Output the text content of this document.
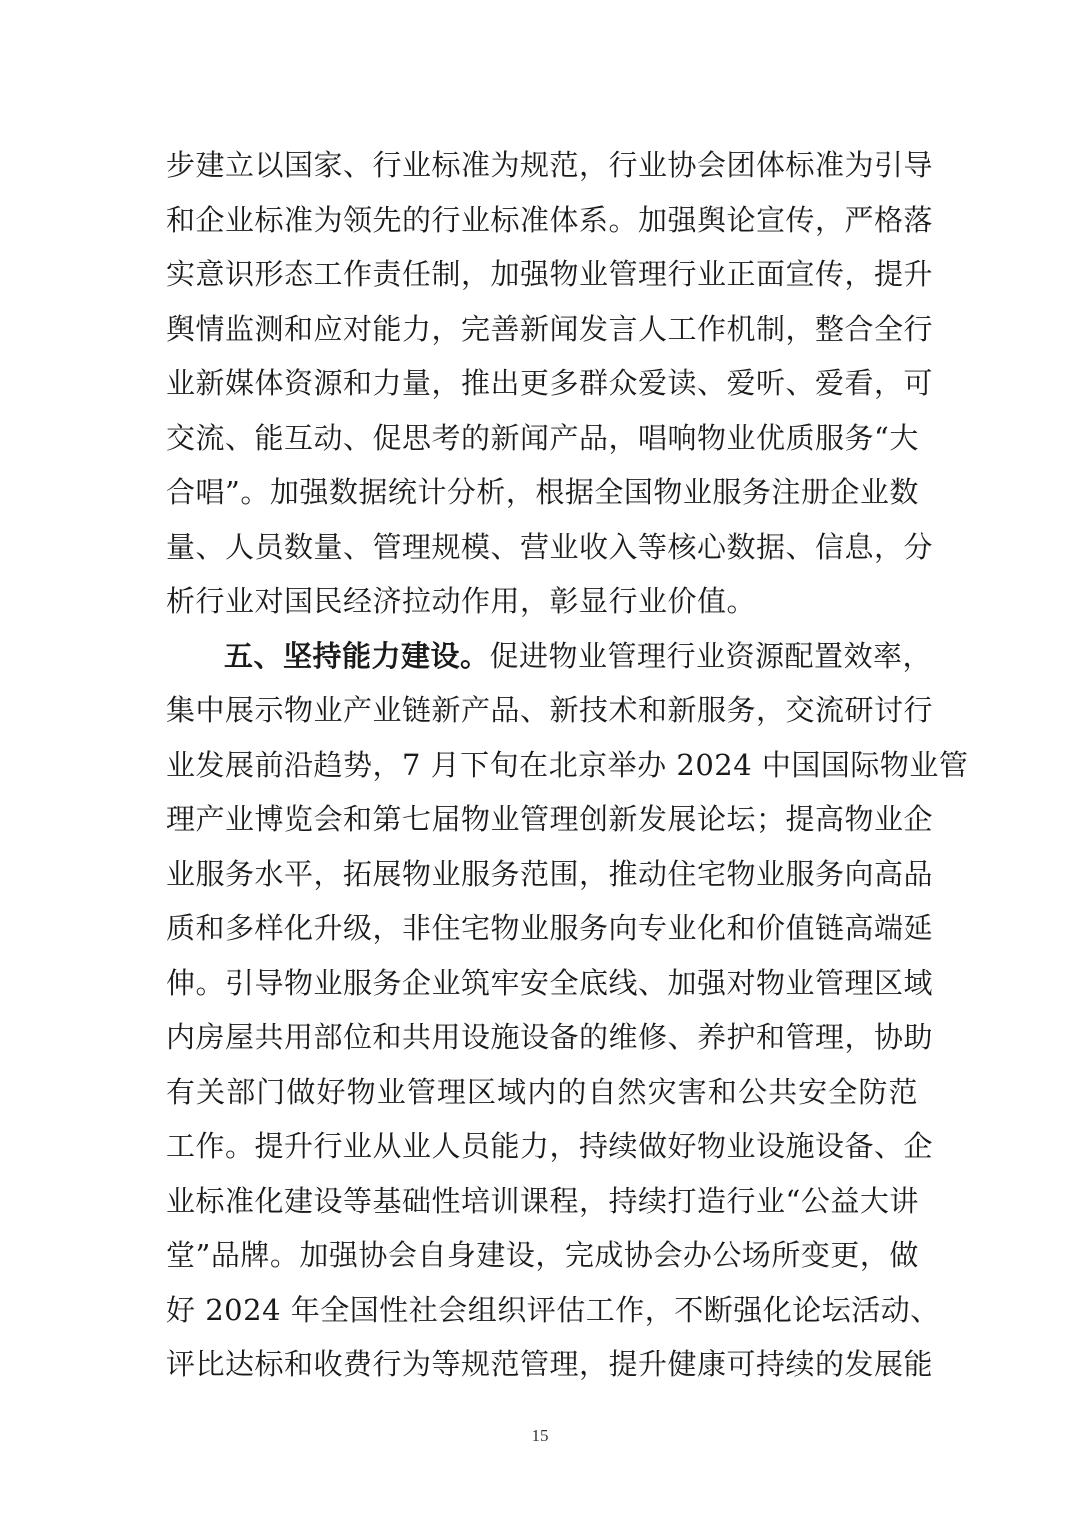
步建立以国家、行业标准为规范，行业协会团体标准为引导
和企业标准为领先的行业标准体系。加强舆论宣传，严格落
实意识形态工作责任制，加强物业管理行业正面宣传，提升
舆情监测和应对能力，完善新闻发言人工作机制，整合全行
业新媒体资源和力量，推出更多群众爱读、爱听、爱看，可
交流、能互动、促思考的新闻产品，唱响物业优质服务“大
合唱”。加强数据统计分析，根据全国物业服务注册企业数
量、人员数量、管理规模、营业收入等核心数据、信息，分
析行业对国民经济拉动作用，彰显行业价值。
五、坚持能力建设。促进物业管理行业资源配置效率，
集中展示物业产业链新产品、新技术和新服务，交流研讨行
业发展前沿趋势，7 月下旬在北京举办 2024 中国国际物业管
理产业博览会和第七届物业管理创新发展论坛；提高物业企
业服务水平，拓展物业服务范围，推动住宅物业服务向高品
质和多样化升级，非住宅物业服务向专业化和价值链高端延
伸。引导物业服务企业筑牢安全底线、加强对物业管理区域
内房屋共用部位和共用设施设备的维修、养护和管理，协助
有关部门做好物业管理区域内的自然灾害和公共安全防范
工作。提升行业从业人员能力，持续做好物业设施设备、企
业标准化建设等基础性培训课程，持续打造行业“公益大讲
堂”品牌。加强协会自身建设，完成协会办公场所变更，做
好 2024 年全国性社会组织评估工作，不断强化论坛活动、
评比达标和收费行为等规范管理，提升健康可持续的发展能
15
